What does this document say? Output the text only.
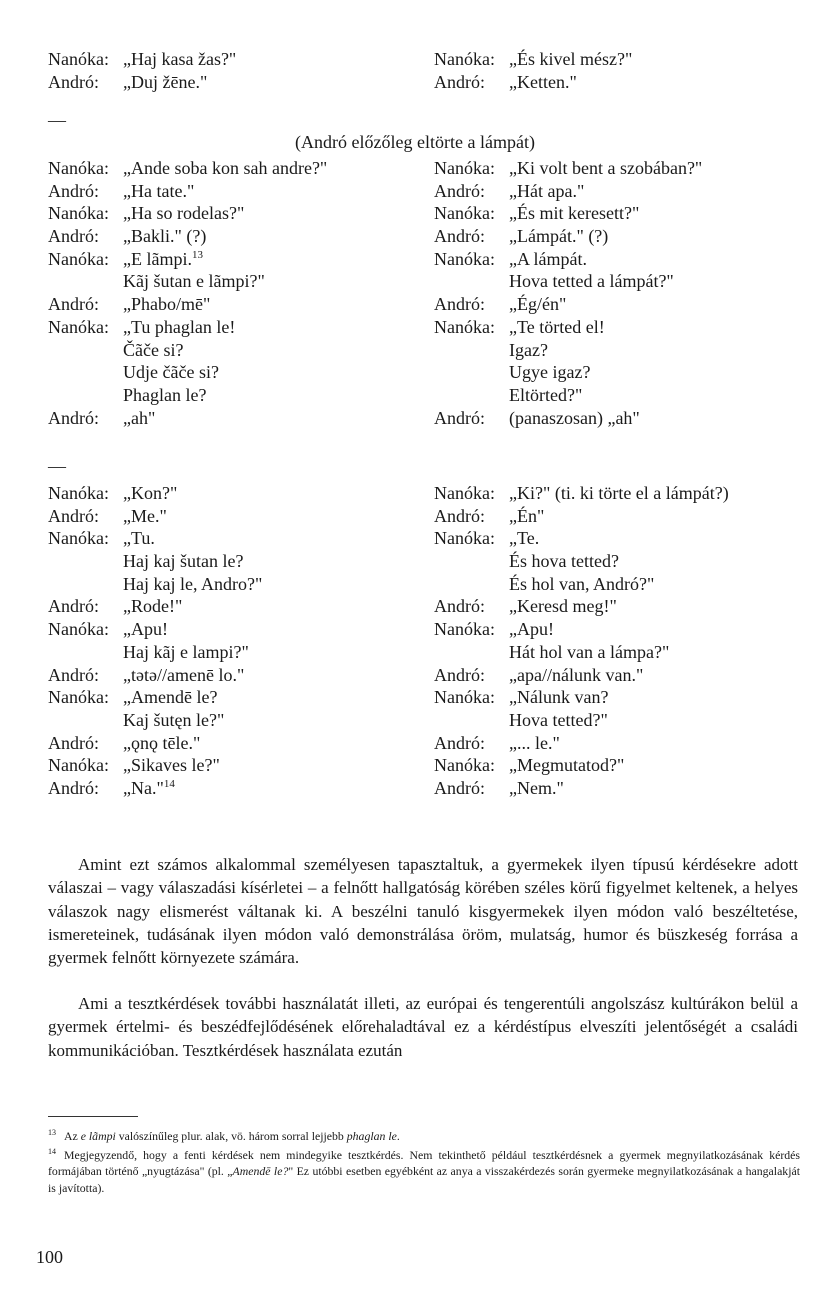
Nanóka: „Haj kasa žas?"
Andró: „Duj žēne."
Nanóka: „És kivel mész?"
Andró: „Ketten."
—
(Andró előzőleg eltörte a lámpát)
Nanóka: „Ande soba kon sah andre?"
Andró: „Ha tate."
Nanóka: „Ha so rodelas?"
Andró: „Bakli." (?)
Nanóka: „E lãmpi.$^{13}$
Kãj šutan e lãmpi?"
Andró: „Phabo/mē"
Nanóka: „Tu phaglan le!
Čãče si?
Udje čãče si?
Phaglan le?
Andró: „ah"
Nanóka: „Ki volt bent a szobában?"
Andró: „Hát apa."
Nanóka: „És mit keresett?"
Andró: „Lámpát." (?)
Nanóka: „A lámpát.
Hova tetted a lámpát?"
Andró: „Ég/én"
Nanóka: „Te törted el!
Igaz?
Ugye igaz?
Eltörted?"
Andró: (panaszosan) „ah"
—
Nanóka: „Kon?"
Andró: „Me."
Nanóka: „Tu.
Haj kaj šutan le?
Haj kaj le, Andro?"
Andró: „Rode!"
Nanóka: „Apu!
Haj kãj e lampi?"
Andró: „tətə//amenē lo."
Nanóka: „Amendē le?
Kaj šutęn le?"
Andró: „ǫnǫ tēle."
Nanóka: „Sikaves le?"
Andró: „Na."$^{14}$
Nanóka: „Ki?" (ti. ki törte el a lámpát?)
Andró: „Én"
Nanóka: „Te.
És hova tetted?
És hol van, Andró?"
Andró: „Keresd meg!"
Nanóka: „Apu!
Hát hol van a lámpa?"
Andró: „apa//nálunk van."
Nanóka: „Nálunk van?
Hova tetted?"
Andró: „... le."
Nanóka: „Megmutatod?"
Andró: „Nem."

Amint ezt számos alkalommal személyesen tapasztaltuk, a gyermekek ilyen típusú kérdésekre adott válaszai – vagy válaszadási kísérletei – a felnőtt hallgatóság körében széles körű figyelmet keltenek, a helyes válaszok nagy elismerést váltanak ki. A beszélni tanuló kisgyermekek ilyen módon való beszéltetése, ismereteinek, tudásának ilyen módon való demonstrálása öröm, mulatság, humor és büszkeség forrása a gyermek felnőtt környezete számára.

Ami a tesztkérdések további használatát illeti, az európai és tengerentúli angolszász kultúrákon belül a gyermek értelmi- és beszédfejlődésének előrehaladtával ez a kérdéstípus elveszíti jelentőségét a családi kommunikációban. Tesztkérdések használata ezután

$^{13}$ Az e lãmpi valószínűleg plur. alak, vö. három sorral lejjebb phaglan le.
$^{14}$ Megjegyzendő, hogy a fenti kérdések nem mindegyike tesztkérdés. Nem tekinthető például tesztkérdésnek a gyermek megnyilatkozásának kérdés formájában történő „nyugtázása" (pl. „Amendē le?" Ez utóbbi esetben egyébként az anya a visszakérdezés során gyermeke megnyilatkozásának a hangalakját is javította).
100
